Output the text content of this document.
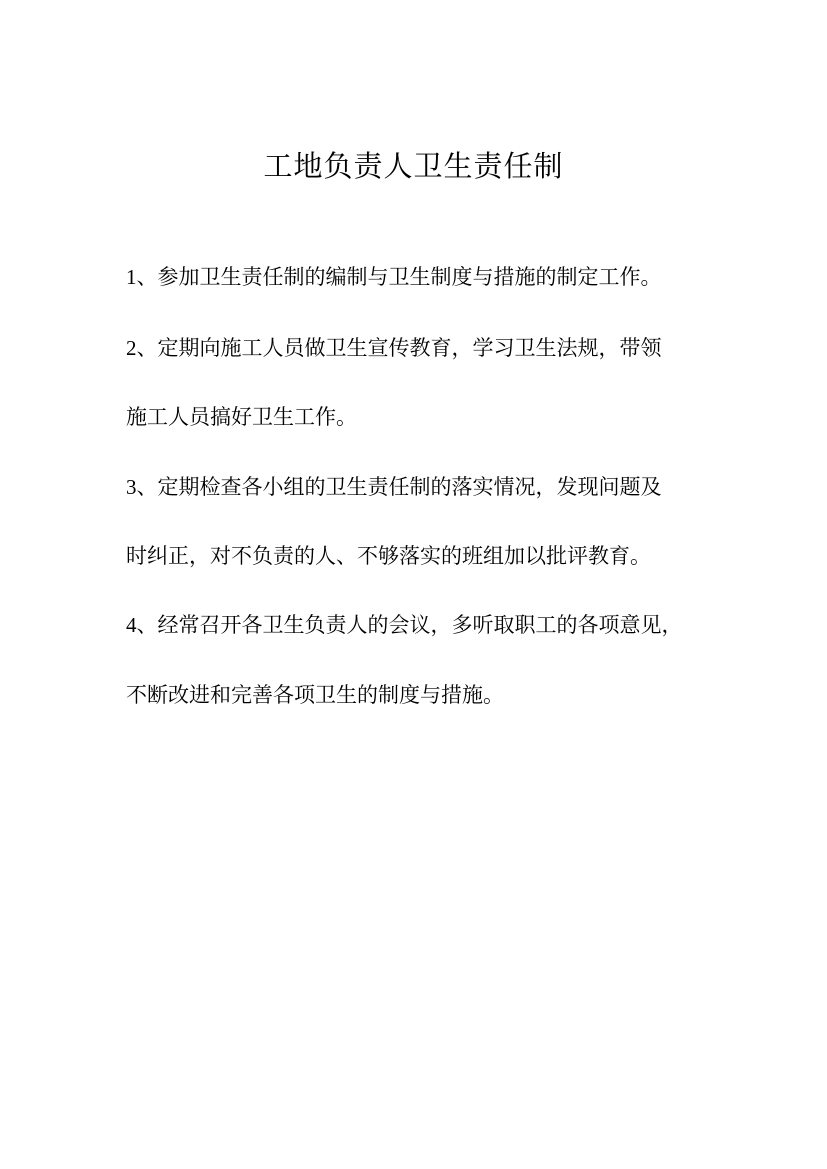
工地负责人卫生责任制
1、参加卫生责任制的编制与卫生制度与措施的制定工作。
2、定期向施工人员做卫生宣传教育，学习卫生法规，带领
施工人员搞好卫生工作。
3、定期检查各小组的卫生责任制的落实情况，发现问题及
时纠正，对不负责的人、不够落实的班组加以批评教育。
4、经常召开各卫生负责人的会议，多听取职工的各项意见，
不断改进和完善各项卫生的制度与措施。
